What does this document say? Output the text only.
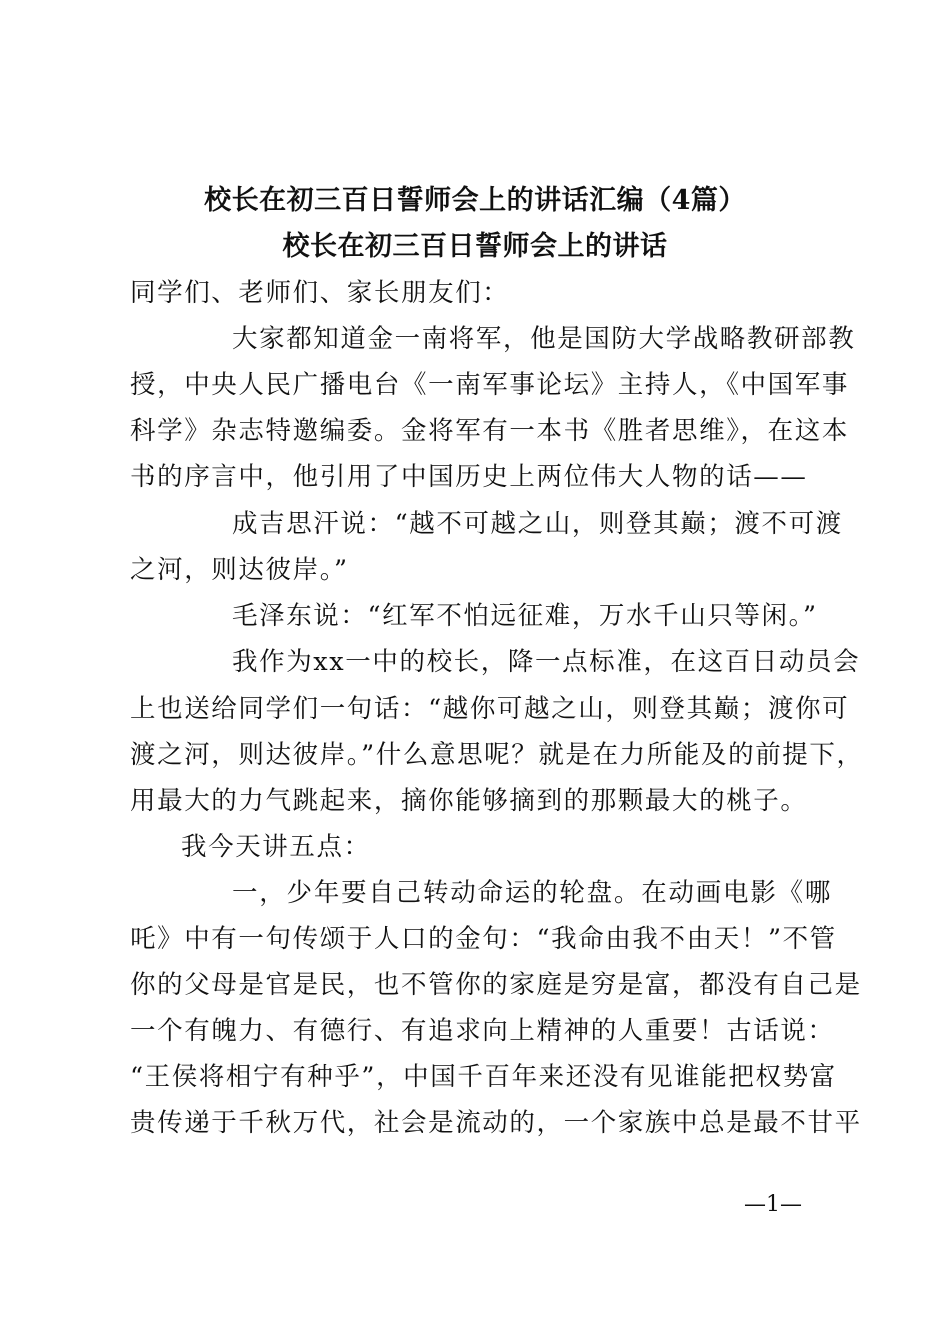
校长在初三百日誓师会上的讲话汇编（4篇）
校长在初三百日誓师会上的讲话

同学们、老师们、家长朋友们：

大家都知道金一南将军，他是国防大学战略教研部教

授，中央人民广播电台《一南军事论坛》主持人，《中国军事

科学》杂志特邀编委。金将军有一本书《胜者思维》，在这本

书的序言中，他引用了中国历史上两位伟大人物的话——

成吉思汗说：“越不可越之山，则登其巅；渡不可渡

之河，则达彼岸。”

毛泽东说：“红军不怕远征难，万水千山只等闲。”

我作为xx一中的校长，降一点标准，在这百日动员会

上也送给同学们一句话：“越你可越之山，则登其巅；渡你可

渡之河，则达彼岸。”什么意思呢？就是在力所能及的前提下，

用最大的力气跳起来，摘你能够摘到的那颗最大的桃子。

我今天讲五点：

一，少年要自己转动命运的轮盘。在动画电影《哪

吒》中有一句传颂于人口的金句：“我命由我不由天！”不管

你的父母是官是民，也不管你的家庭是穷是富，都没有自己是

一个有魄力、有德行、有追求向上精神的人重要！古话说：

“王侯将相宁有种乎”，中国千百年来还没有见谁能把权势富

贵传递于千秋万代，社会是流动的，一个家族中总是最不甘平

—1—
